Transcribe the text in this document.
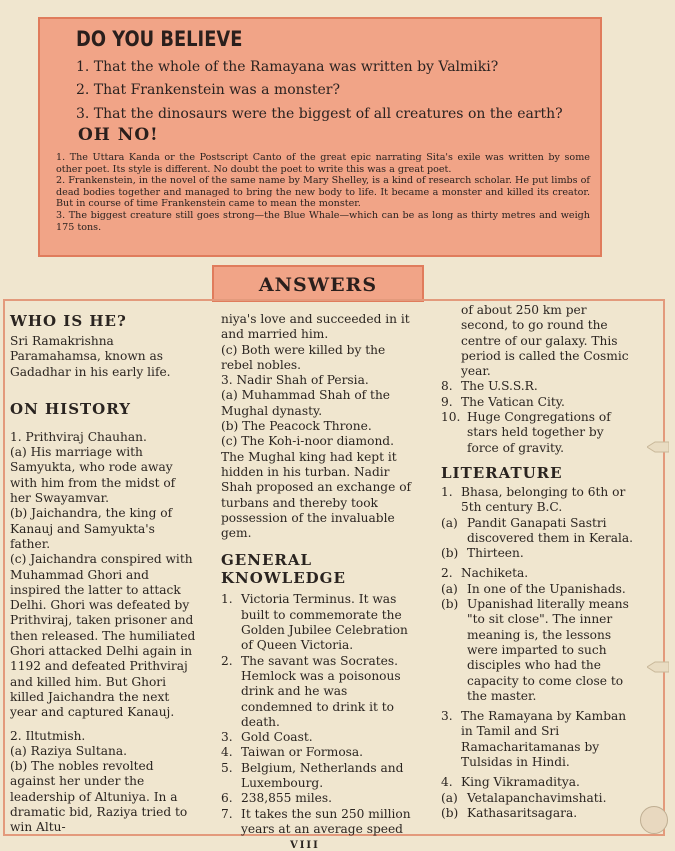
DO YOU BELIEVE
1. That the whole of the Ramayana was written by Valmiki?
2. That Frankenstein was a monster?
3. That the dinosaurs were the biggest of all creatures on the earth?
OH NO!

1. The Uttara Kanda or the Postscript Canto of the great epic narrating Sita's exile was written by some other poet. Its style is different. No doubt the poet to write this was a great poet.

2. Frankenstein, in the novel of the same name by Mary Shelley, is a kind of research scholar. He put limbs of dead bodies together and managed to bring the new body to life. It became a monster and killed its creator. But in course of time Frankenstein came to mean the monster.

3. The biggest creature still goes strong—the Blue Whale—which can be as long as thirty metres and weigh 175 tons.

ANSWERS

WHO IS HE?

Sri Ramakrishna Paramahamsa, known as Gadadhar in his early life.

ON HISTORY

1. Prithviraj Chauhan.

(a) His marriage with Samyukta, who rode away with him from the midst of her Swayamvar.

(b) Jaichandra, the king of Kanauj and Samyukta's father.

(c) Jaichandra conspired with Muhammad Ghori and inspired the latter to attack Delhi. Ghori was defeated by Prithviraj, taken prisoner and then released. The humiliated Ghori attacked Delhi again in 1192 and defeated Prithviraj and killed him. But Ghori killed Jaichandra the next year and captured Kanauj.

2. Iltutmish.

(a) Raziya Sultana.

(b) The nobles revolted against her under the leadership of Altuniya. In a dramatic bid, Raziya tried to win Altu-

niya's love and succeeded in it and married him.

(c) Both were killed by the rebel nobles.

3. Nadir Shah of Persia.

(a) Muhammad Shah of the Mughal dynasty.

(b) The Peacock Throne.

(c) The Koh-i-noor diamond. The Mughal king had kept it hidden in his turban. Nadir Shah proposed an exchange of turbans and thereby took possession of the invaluable gem.

GENERAL

KNOWLEDGE

1. Victoria Terminus. It was built to commemorate the Golden Jubilee Celebration of Queen Victoria.
2. The savant was Socrates. Hemlock was a poisonous drink and he was condemned to drink it to death.
3. Gold Coast.
4. Taiwan or Formosa.
5. Belgium, Netherlands and Luxembourg.
6. 238,855 miles.
7. It takes the sun 250 million years at an average speed

of about 250 km per second, to go round the centre of our galaxy. This period is called the Cosmic year.

8. The U.S.S.R.
9. The Vatican City.
10. Huge Congregations of stars held together by force of gravity.

LITERATURE

1. Bhasa, belonging to 6th or 5th century B.C.
(a) Pandit Ganapati Sastri discovered them in Kerala.
(b) Thirteen.
2. Nachiketa.
(a) In one of the Upanishads.
(b) Upanishad literally means "to sit close". The inner meaning is, the lessons were imparted to such disciples who had the capacity to come close to the master.
3. The Ramayana by Kamban in Tamil and Sri Ramacharitamanas by Tulsidas in Hindi.
4. King Vikramaditya.
(a) Vetalapanchavimshati.
(b) Kathasaritsagara.
VIII
